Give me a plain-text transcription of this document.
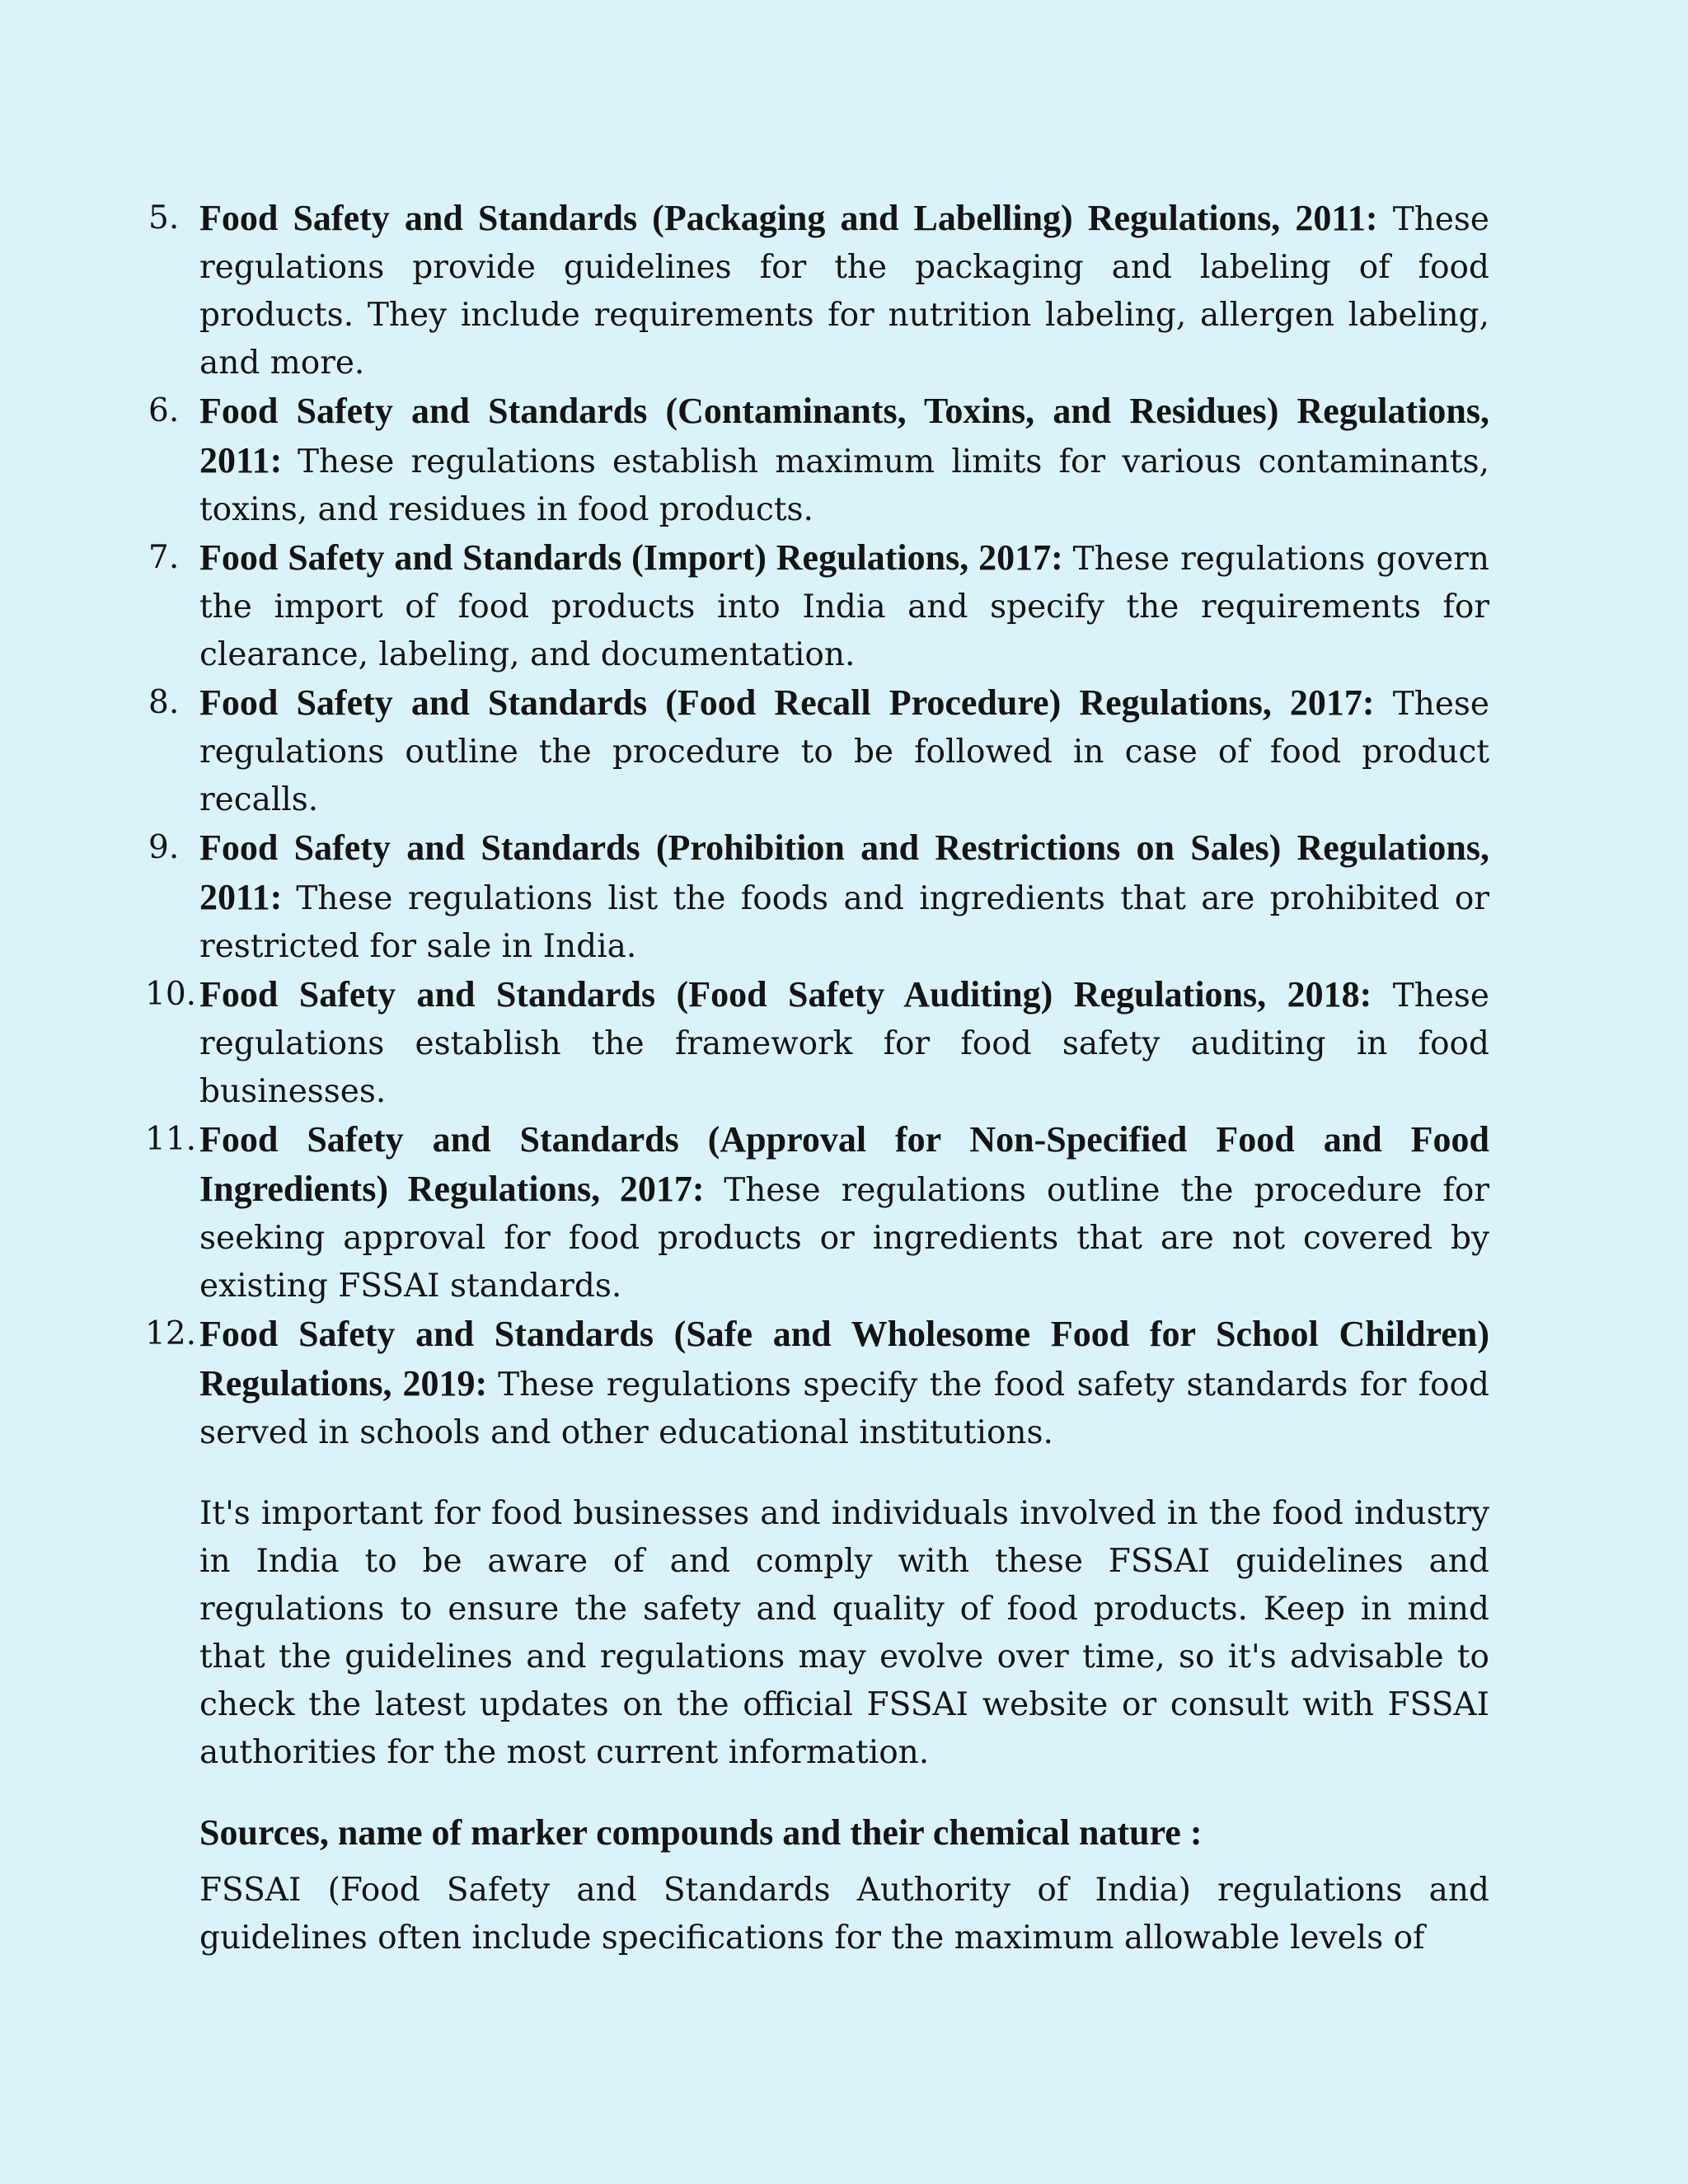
5. Food Safety and Standards (Packaging and Labelling) Regulations, 2011: These regulations provide guidelines for the packaging and labeling of food products. They include requirements for nutrition labeling, allergen labeling, and more.
6. Food Safety and Standards (Contaminants, Toxins, and Residues) Regulations, 2011: These regulations establish maximum limits for various contaminants, toxins, and residues in food products.
7. Food Safety and Standards (Import) Regulations, 2017: These regulations govern the import of food products into India and specify the requirements for clearance, labeling, and documentation.
8. Food Safety and Standards (Food Recall Procedure) Regulations, 2017: These regulations outline the procedure to be followed in case of food product recalls.
9. Food Safety and Standards (Prohibition and Restrictions on Sales) Regulations, 2011: These regulations list the foods and ingredients that are prohibited or restricted for sale in India.
10. Food Safety and Standards (Food Safety Auditing) Regulations, 2018: These regulations establish the framework for food safety auditing in food businesses.
11. Food Safety and Standards (Approval for Non-Specified Food and Food Ingredients) Regulations, 2017: These regulations outline the procedure for seeking approval for food products or ingredients that are not covered by existing FSSAI standards.
12. Food Safety and Standards (Safe and Wholesome Food for School Children) Regulations, 2019: These regulations specify the food safety standards for food served in schools and other educational institutions.

It's important for food businesses and individuals involved in the food industry in India to be aware of and comply with these FSSAI guidelines and regulations to ensure the safety and quality of food products. Keep in mind that the guidelines and regulations may evolve over time, so it's advisable to check the latest updates on the official FSSAI website or consult with FSSAI authorities for the most current information.

Sources, name of marker compounds and their chemical nature :

FSSAI (Food Safety and Standards Authority of India) regulations and guidelines often include specifications for the maximum allowable levels of
